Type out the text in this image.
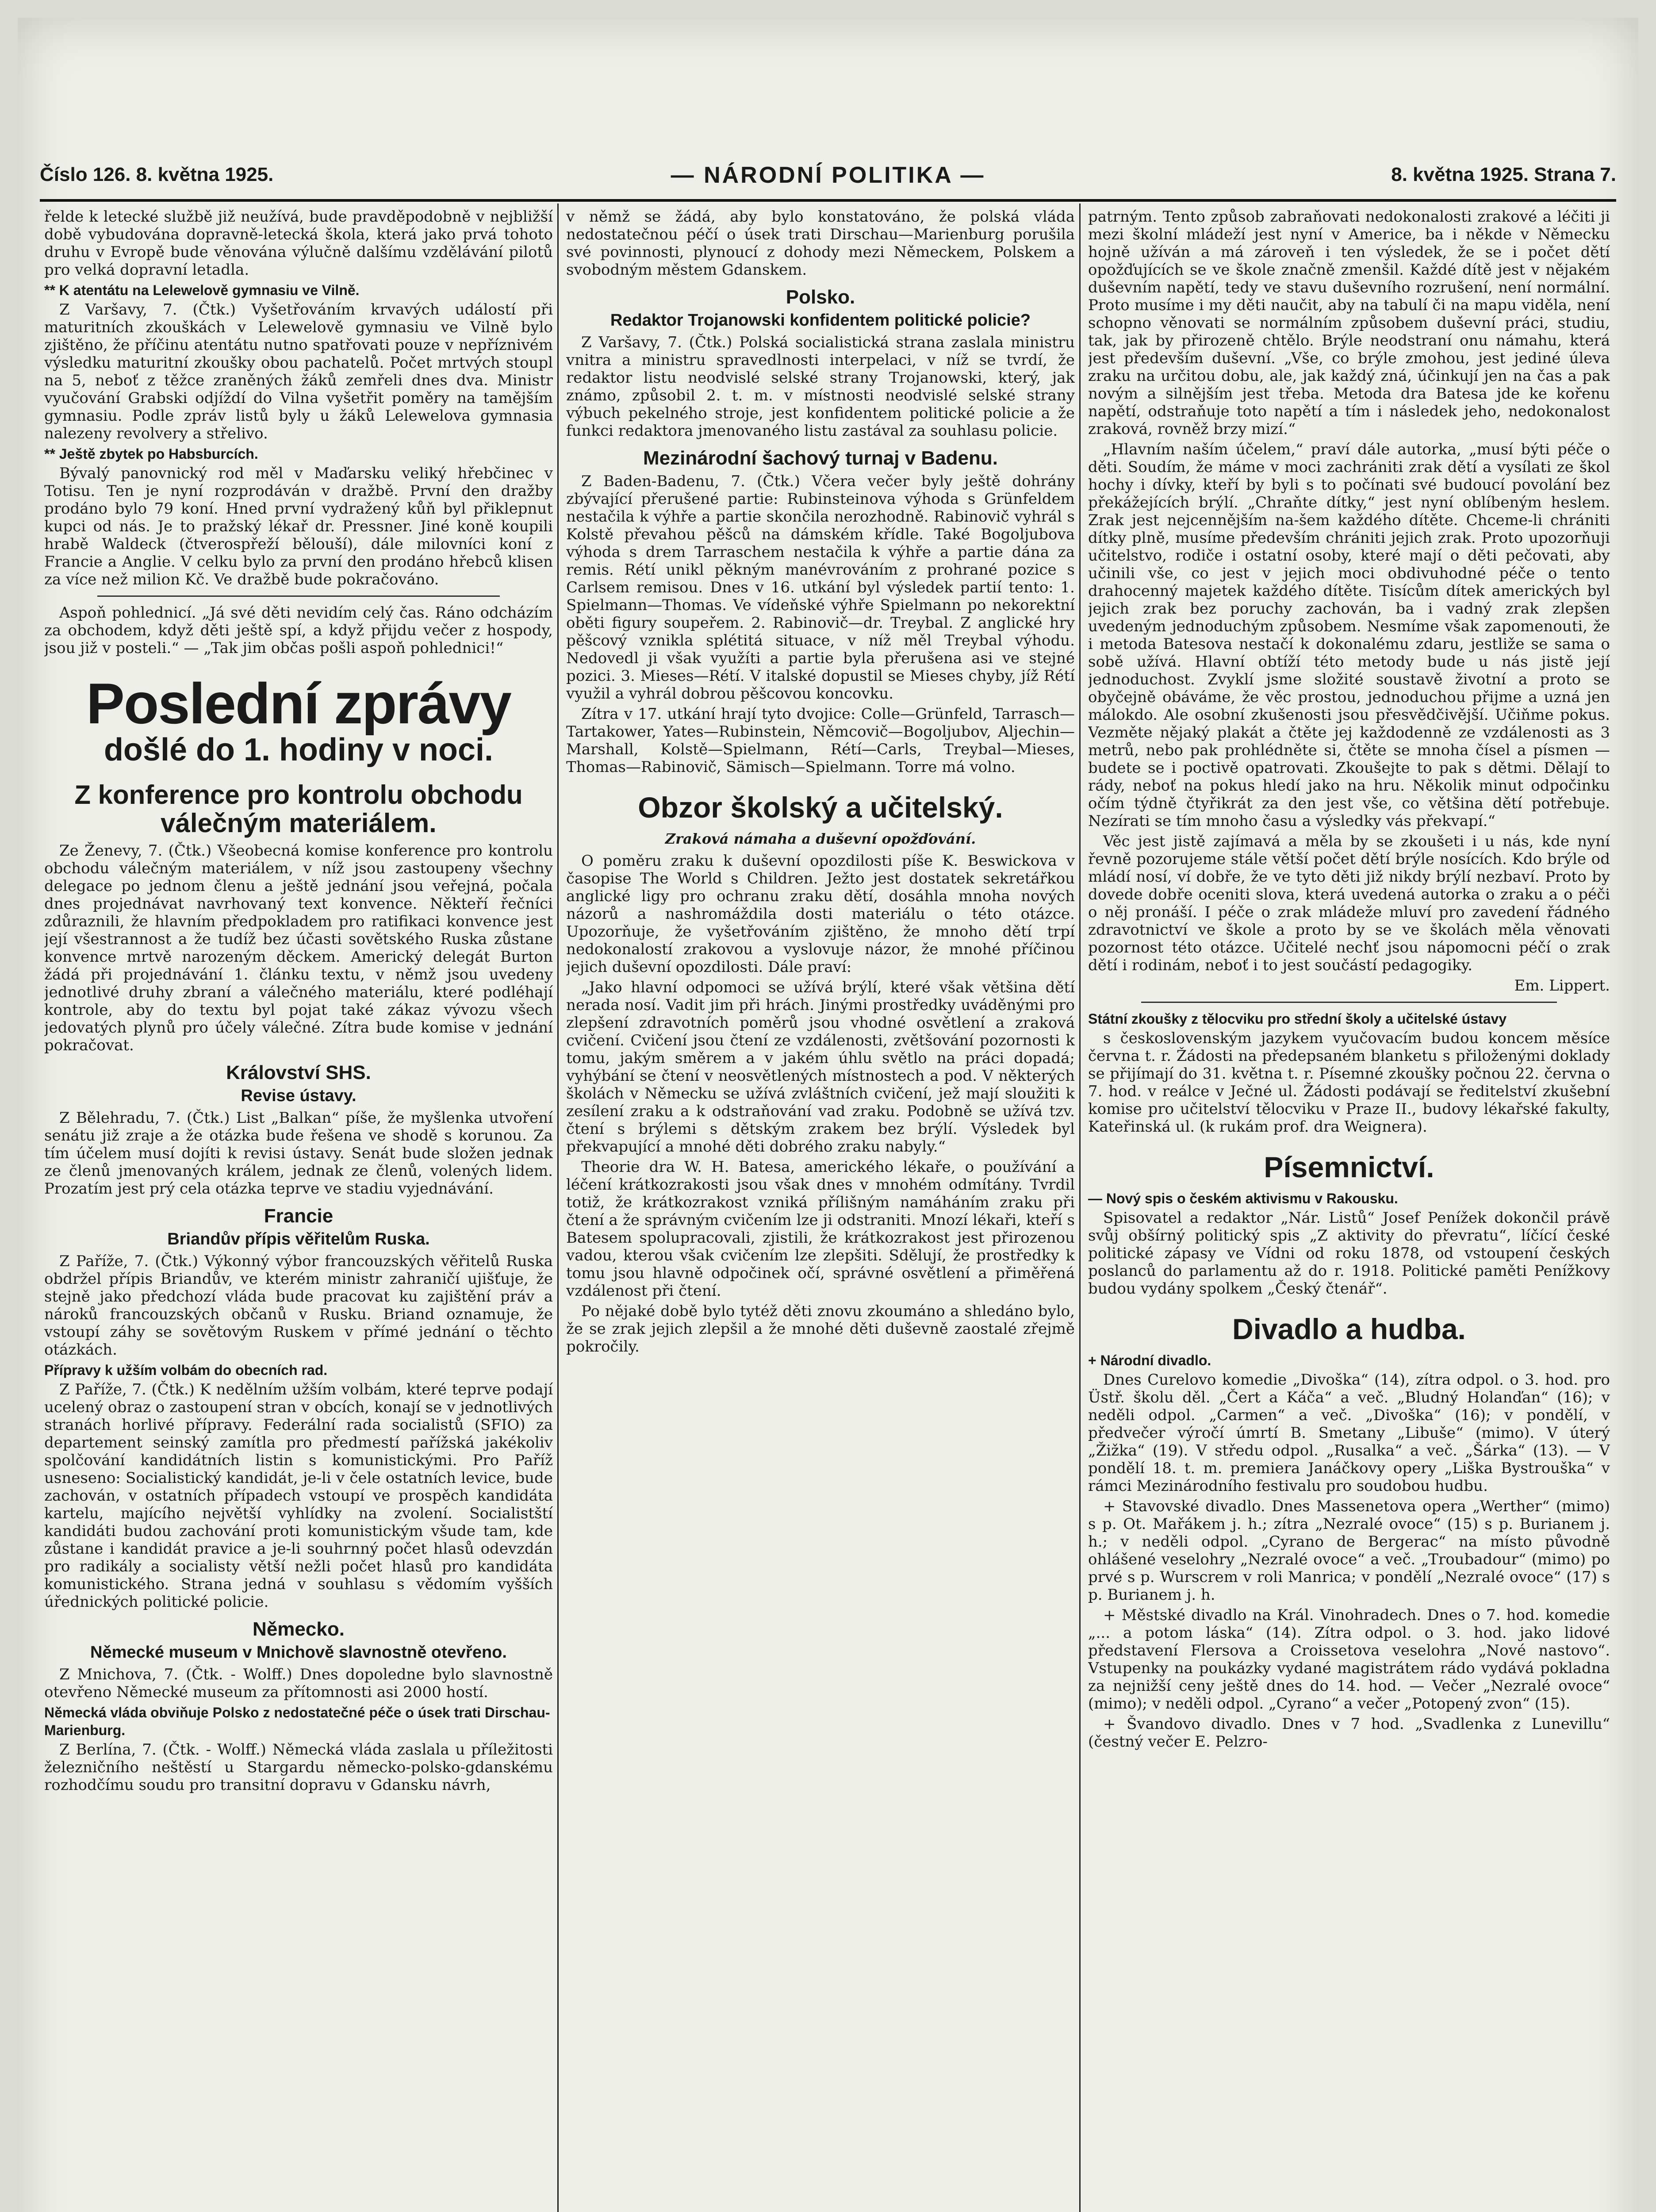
Číslo 126. 8. května 1925.	— NÁRODNÍ POLITIKA —	8. května 1925. Strana 7.

řelde k letecké službě již neužívá, bude pravděpodobně v nejbližší době vybudována dopravně-letecká škola, která jako prvá tohoto druhu v Evropě bude věnována výlučně dalšímu vzdělávání pilotů pro velká dopravní letadla.

** K atentátu na Lelewelově gymnasiu ve Vilně.

Z Varšavy, 7. (Čtk.) Vyšetřováním krvavých událostí při maturitních zkouškách v Lelewelově gymnasiu ve Vilně bylo zjištěno, že příčinu atentátu nutno spatřovati pouze v nepříznivém výsledku maturitní zkoušky obou pachatelů. Počet mrtvých stoupl na 5, neboť z těžce zraněných žáků zemřeli dnes dva. Ministr vyučování Grabski odjíždí do Vilna vyšetřit poměry na tamějším gymnasiu. Podle zpráv listů byly u žáků Lelewelova gymnasia nalezeny revolvery a střelivo.

** Ještě zbytek po Habsburcích.

Bývalý panovnický rod měl v Maďarsku veliký hřebčinec v Totisu. Ten je nyní rozprodáván v dražbě. První den dražby prodáno bylo 79 koní. Hned první vydražený kůň byl přiklepnut kupci od nás. Je to pražský lékař dr. Pressner. Jiné koně koupili hrabě Waldeck (čtverospřeží bělouší), dále milovníci koní z Francie a Anglie. V celku bylo za první den prodáno hřebců klisen za více než milion Kč. Ve dražbě bude pokračováno.

Aspoň pohlednicí. „Já své děti nevidím celý čas. Ráno odcházím za obchodem, když děti ještě spí, a když přijdu večer z hospody, jsou již v posteli.“ — „Tak jim občas pošli aspoň pohlednici!“

Poslední zprávy
došlé do 1. hodiny v noci.
Z konference pro kontrolu obchodu válečným materiálem.

Ze Ženevy, 7. (Čtk.) Všeobecná komise konference pro kontrolu obchodu válečným materiálem, v níž jsou zastoupeny všechny delegace po jednom členu a ještě jednání jsou veřejná, počala dnes projednávat navrhovaný text konvence. Někteří řečníci zdůraznili, že hlavním předpokladem pro ratifikaci konvence jest její všestrannost a že tudíž bez účasti sovětského Ruska zůstane konvence mrtvě narozeným děckem. Americký delegát Burton žádá při projednávání 1. článku textu, v němž jsou uvedeny jednotlivé druhy zbraní a válečného materiálu, které podléhají kontrole, aby do textu byl pojat také zákaz vývozu všech jedovatých plynů pro účely válečné. Zítra bude komise v jednání pokračovat.

Království SHS.
Revise ústavy.

Z Bělehradu, 7. (Čtk.) List „Balkan“ píše, že myšlenka utvoření senátu již zraje a že otázka bude řešena ve shodě s korunou. Za tím účelem musí dojíti k revisi ústavy. Senát bude složen jednak ze členů jmenovaných králem, jednak ze členů, volených lidem. Prozatím jest prý cela otázka teprve ve stadiu vyjednávání.

Francie
Briandův přípis věřitelům Ruska.

Z Paříže, 7. (Čtk.) Výkonný výbor francouzských věřitelů Ruska obdržel přípis Briandův, ve kterém ministr zahraničí ujišťuje, že stejně jako předchozí vláda bude pracovat ku zajištění práv a nároků francouzských občanů v Rusku. Briand oznamuje, že vstoupí záhy se sovětovým Ruskem v přímé jednání o těchto otázkách.

Přípravy k užším volbám do obecních rad.

Z Paříže, 7. (Čtk.) K nedělním užším volbám, které teprve podají ucelený obraz o zastoupení stran v obcích, konají se v jednotlivých stranách horlivé přípravy. Federální rada socialistů (SFIO) za departement seinský zamítla pro předmestí pařížská jakékoliv spolčování kandidátních listin s komunistickými. Pro Paříž usneseno: Socialistický kandidát, je-li v čele ostatních levice, bude zachován, v ostatních případech vstoupí ve prospěch kandidáta kartelu, majícího největší vyhlídky na zvolení. Socialistští kandidáti budou zachování proti komunistickým všude tam, kde zůstane i kandidát pravice a je-li souhrnný počet hlasů odevzdán pro radikály a socialisty větší nežli počet hlasů pro kandidáta komunistického. Strana jedná v souhlasu s vědomím vyšších úřednických politické policie.

Německo.
Německé museum v Mnichově slavnostně otevřeno.

Z Mnichova, 7. (Čtk. - Wolff.) Dnes dopoledne bylo slavnostně otevřeno Německé museum za přítomnosti asi 2000 hostí.

Německá vláda obviňuje Polsko z nedostatečné péče o úsek trati Dirschau-Marienburg.

Z Berlína, 7. (Čtk. - Wolff.) Německá vláda zaslala u příležitosti železničního neštěstí u Stargardu německo-polsko-gdanskému rozhodčímu soudu pro transitní dopravu v Gdansku návrh,

v němž se žádá, aby bylo konstatováno, že polská vláda nedostatečnou péčí o úsek trati Dirschau—Marienburg porušila své povinnosti, plynoucí z dohody mezi Německem, Polskem a svobodným městem Gdanskem.

Polsko.
Redaktor Trojanowski konfidentem politické policie?

Z Varšavy, 7. (Čtk.) Polská socialistická strana zaslala ministru vnitra a ministru spravedlnosti interpelaci, v níž se tvrdí, že redaktor listu neodvislé selské strany Trojanowski, který, jak známo, způsobil 2. t. m. v místnosti neodvislé selské strany výbuch pekelného stroje, jest konfidentem politické policie a že funkci redaktora jmenovaného listu zastával za souhlasu policie.

Mezinárodní šachový turnaj v Badenu.

Z Baden-Badenu, 7. (Čtk.) Včera večer byly ještě dohrány zbývající přerušené partie: Rubinsteinova výhoda s Grünfeldem nestačila k výhře a partie skončila nerozhodně. Rabinovič vyhrál s Kolstě převahou pěšců na dámském křídle. Také Bogoljubova výhoda s drem Tarraschem nestačila k výhře a partie dána za remis. Rétí unikl pěkným manévrováním z prohrané pozice s Carlsem remisou. Dnes v 16. utkání byl výsledek partií tento: 1. Spielmann—Thomas. Ve vídeňské výhře Spielmann po nekorektní oběti figury soupeřem. 2. Rabinovič—dr. Treybal. Z anglické hry pěšcový vznikla splétitá situace, v níž měl Treybal výhodu. Nedovedl ji však využíti a partie byla přerušena asi ve stejné pozici. 3. Mieses—Rétí. V italské dopustil se Mieses chyby, jíž Rétí využil a vyhrál dobrou pěšcovou koncovku.

Zítra v 17. utkání hrají tyto dvojice: Colle—Grünfeld, Tarrasch—Tartakower, Yates—Rubinstein, Němcovič—Bogoljubov, Aljechin—Marshall, Kolstě—Spielmann, Rétí—Carls, Treybal—Mieses, Thomas—Rabinovič, Sämisch—Spielmann. Torre má volno.

Obzor školský a učitelský.
Zraková námaha a duševní opožďování.

O poměru zraku k duševní opozdilosti píše K. Beswickova v časopise The World s Children. Ježto jest dostatek sekretářkou anglické ligy pro ochranu zraku dětí, dosáhla mnoha nových názorů a nashromáždila dosti materiálu o této otázce. Upozorňuje, že vyšetřováním zjištěno, že mnoho dětí trpí nedokonalostí zrakovou a vyslovuje názor, že mnohé příčinou jejich duševní opozdilosti. Dále praví:

„Jako hlavní odpomoci se užívá brýlí, které však většina dětí nerada nosí. Vadit jim při hrách. Jinými prostředky uváděnými pro zlepšení zdravotních poměrů jsou vhodné osvětlení a zraková cvičení. Cvičení jsou čtení ze vzdálenosti, zvětšování pozornosti k tomu, jakým směrem a v jakém úhlu světlo na práci dopadá; vyhýbání se čtení v neosvětlených místnostech a pod. V některých školách v Německu se užívá zvláštních cvičení, jež mají sloužiti k zesílení zraku a k odstraňování vad zraku. Podobně se užívá tzv. čtení s brýlemi s dětským zrakem bez brýlí. Výsledek byl překvapující a mnohé děti dobrého zraku nabyly.“

Theorie dra W. H. Batesa, amerického lékaře, o používání a léčení krátkozrakosti jsou však dnes v mnohém odmítány. Tvrdil totiž, že krátkozrakost vzniká přílišným namáháním zraku při čtení a že správným cvičením lze ji odstraniti. Mnozí lékaři, kteří s Batesem spolupracovali, zjistili, že krátkozrakost jest přirozenou vadou, kterou však cvičením lze zlepšiti. Sdělují, že prostředky k tomu jsou hlavně odpočinek očí, správné osvětlení a přiměřená vzdálenost při čtení.

Po nějaké době bylo tytéž děti znovu zkoumáno a shledáno bylo, že se zrak jejich zlepšil a že mnohé děti duševně zaostalé zřejmě pokročily.

patrným. Tento způsob zabraňovati nedokonalosti zrakové a léčiti ji mezi školní mládeží jest nyní v Americe, ba i někde v Německu hojně užíván a má zároveň i ten výsledek, že se i počet dětí opožďujících se ve škole značně zmenšil. Každé dítě jest v nějakém duševním napětí, tedy ve stavu duševního rozrušení, není normální. Proto musíme i my děti naučit, aby na tabulí či na mapu viděla, není schopno věnovati se normálním způsobem duševní práci, studiu, tak, jak by přirozeně chtělo. Brýle neodstraní onu námahu, která jest především duševní. „Vše, co brýle zmohou, jest jediné úleva zraku na určitou dobu, ale, jak každý zná, účinkují jen na čas a pak novým a silnějším jest třeba. Metoda dra Batesa jde ke kořenu napětí, odstraňuje toto napětí a tím i následek jeho, nedokonalost zraková, rovněž brzy mizí.“

„Hlavním naším účelem,“ praví dále autorka, „musí býti péče o děti. Soudím, že máme v moci zachrániti zrak dětí a vysílati ze škol hochy i dívky, kteří by byli s to počínati své budoucí povolání bez překážejících brýlí. „Chraňte dítky,“ jest nyní oblíbeným heslem. Zrak jest nejcennějším na-šem každého dítěte. Chceme-li chrániti dítky plně, musíme především chrániti jejich zrak. Proto upozorňuji učitelstvo, rodiče i ostatní osoby, které mají o děti pečovati, aby učinili vše, co jest v jejich moci obdivuhodné péče o tento drahocenný majetek každého dítěte. Tisícům dítek amerických byl jejich zrak bez poruchy zachován, ba i vadný zrak zlepšen uvedeným jednoduchým způsobem. Nesmíme však zapomenouti, že i metoda Batesova nestačí k dokonalému zdaru, jestliže se sama o sobě užívá. Hlavní obtíží této metody bude u nás jistě její jednoduchost. Zvyklí jsme složité soustavě životní a proto se obyčejně obáváme, že věc prostou, jednoduchou přijme a uzná jen málokdo. Ale osobní zkušenosti jsou přesvědčivější. Učiňme pokus. Vezměte nějaký plakát a čtěte jej každodenně ze vzdálenosti as 3 metrů, nebo pak prohlédněte si, čtěte se mnoha čísel a písmen — budete se i poctivě opatrovati. Zkoušejte to pak s dětmi. Dělají to rády, neboť na pokus hledí jako na hru. Několik minut odpočinku očím týdně čtyřikrát za den jest vše, co většina dětí potřebuje. Nezírati se tím mnoho času a výsledky vás překvapí.“

Věc jest jistě zajímavá a měla by se zkoušeti i u nás, kde nyní řevně pozorujeme stále větší počet dětí brýle nosících. Kdo brýle od mládí nosí, ví dobře, že ve tyto děti již nikdy brýlí nezbaví. Proto by dovede dobře oceniti slova, která uvedená autorka o zraku a o péči o něj pronáší. I péče o zrak mládeže mluví pro zavedení řádného zdravotnictví ve škole a proto by se ve školách měla věnovati pozornost této otázce. Učitelé nechť jsou nápomocni péčí o zrak dětí i rodinám, neboť i to jest součástí pedagogiky.

Em. Lippert.

Státní zkoušky z tělocviku pro střední školy a učitelské ústavy

s československým jazykem vyučovacím budou koncem měsíce června t. r. Žádosti na předepsaném blanketu s přiloženými doklady se přijímají do 31. května t. r. Písemné zkoušky počnou 22. června o 7. hod. v reálce v Ječné ul. Žádosti podávají se ředitelství zkušební komise pro učitelství tělocviku v Praze II., budovy lékařské fakulty, Kateřinská ul. (k rukám prof. dra Weignera).

Písemnictví.
— Nový spis o českém aktivismu v Rakousku.

Spisovatel a redaktor „Nár. Listů“ Josef Penížek dokončil právě svůj obšírný politický spis „Z aktivity do převratu“, líčící české politické zápasy ve Vídni od roku 1878, od vstoupení českých poslanců do parlamentu až do r. 1918. Politické paměti Penížkovy budou vydány spolkem „Český čtenář“.

Divadlo a hudba.
+ Národní divadlo.

Dnes Curelovo komedie „Divoška“ (14), zítra odpol. o 3. hod. pro Üstř. školu děl. „Čert a Káča“ a več. „Bludný Holanďan“ (16); v neděli odpol. „Carmen“ a več. „Divoška“ (16); v pondělí, v předvečer výročí úmrtí B. Smetany „Libuše“ (mimo). V úterý „Žižka“ (19). V středu odpol. „Rusalka“ a več. „Šárka“ (13). — V pondělí 18. t. m. premiera Janáčkovy opery „Liška Bystrouška“ v rámci Mezinárodního festivalu pro soudobou hudbu.

+ Stavovské divadlo. Dnes Massenetova opera „Werther“ (mimo) s p. Ot. Mařákem j. h.; zítra „Nezralé ovoce“ (15) s p. Burianem j. h.; v neděli odpol. „Cyrano de Bergerac“ na místo původně ohlášené veselohry „Nezralé ovoce“ a več. „Troubadour“ (mimo) po prvé s p. Wurscrem v roli Manrica; v pondělí „Nezralé ovoce“ (17) s p. Burianem j. h.

+ Městské divadlo na Král. Vinohradech. Dnes o 7. hod. komedie „... a potom láska“ (14). Zítra odpol. o 3. hod. jako lidové představení Flersova a Croissetova veselohra „Nové nastovo“. Vstupenky na poukázky vydané magistrátem rádo vydává pokladna za nejnižší ceny ještě dnes do 14. hod. — Večer „Nezralé ovoce“ (mimo); v neděli odpol. „Cyrano“ a večer „Potopený zvon“ (15).

+ Švandovo divadlo. Dnes v 7 hod. „Svadlenka z Lunevillu“ (čestný večer E. Pelzro-
